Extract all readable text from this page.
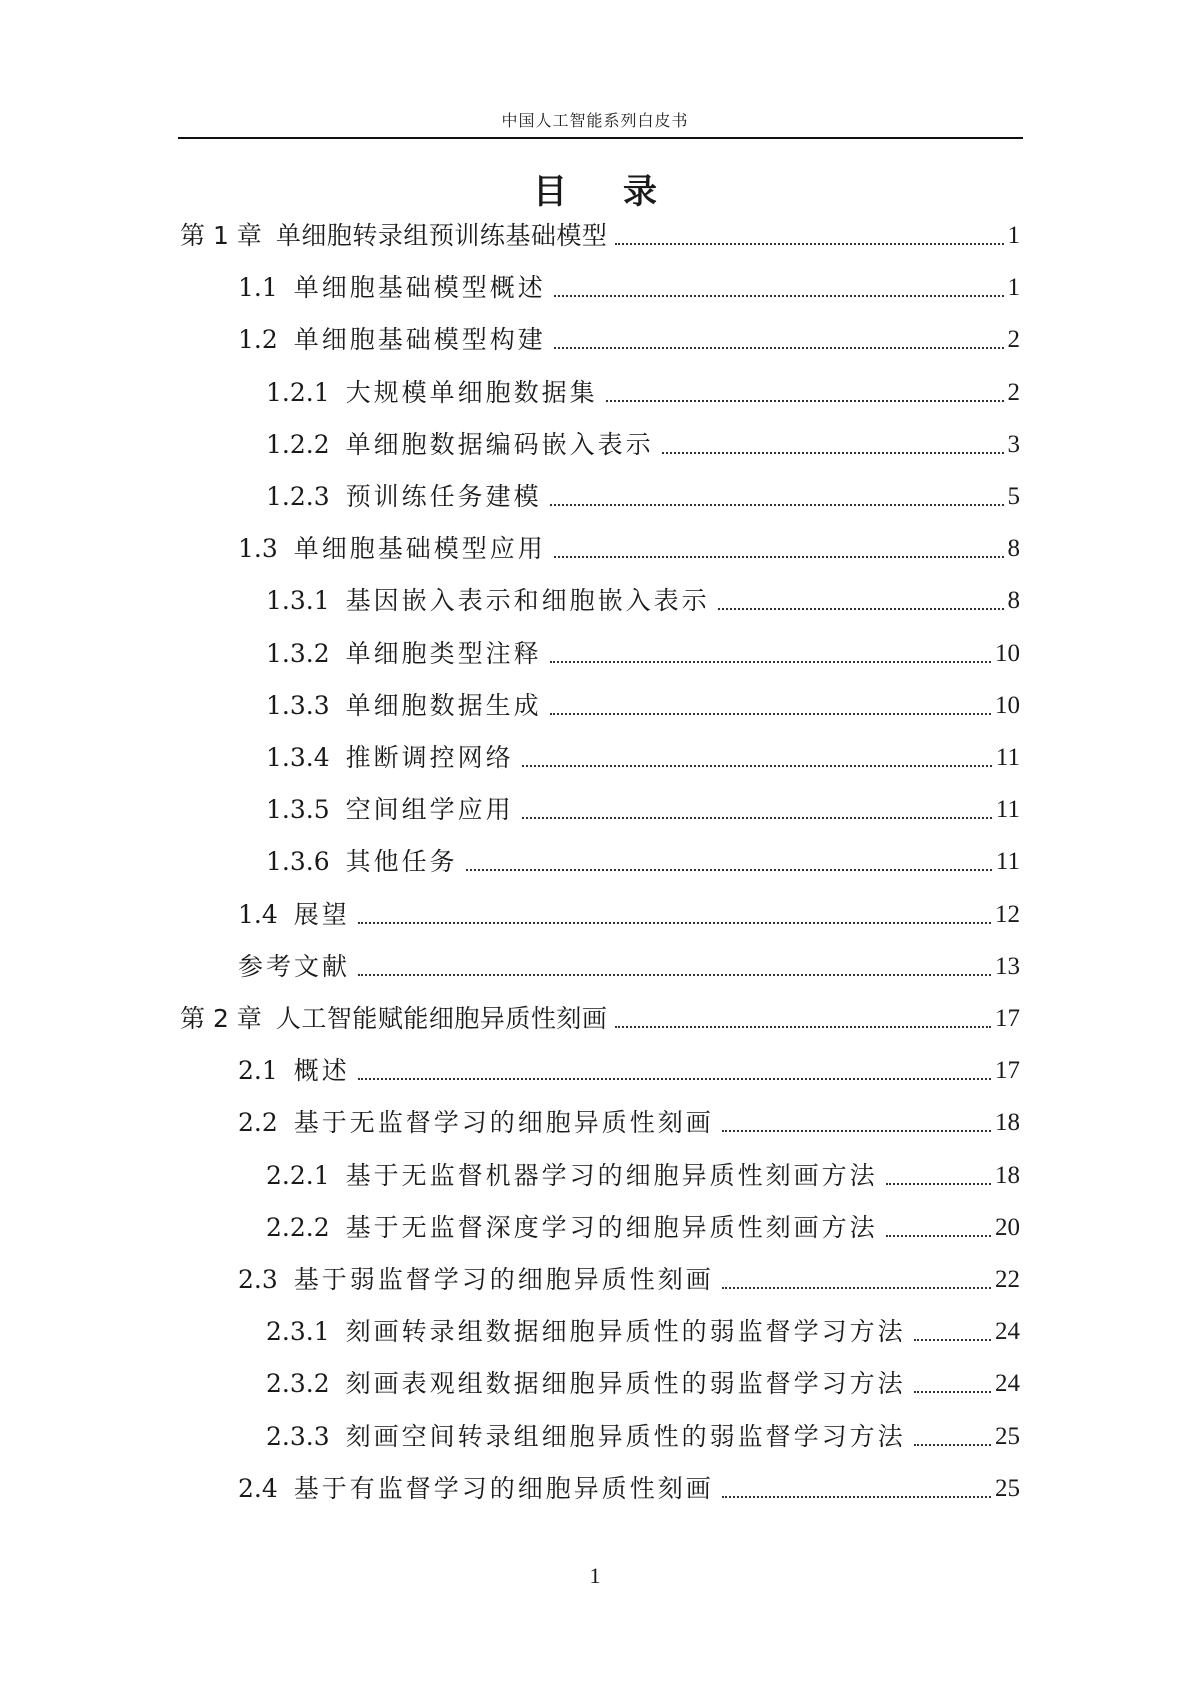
中国人工智能系列白皮书
目 录
第 1 章 单细胞转录组预训练基础模型	1
1.1 单细胞基础模型概述	1
1.2 单细胞基础模型构建	2
1.2.1 大规模单细胞数据集	2
1.2.2 单细胞数据编码嵌入表示	3
1.2.3 预训练任务建模	5
1.3 单细胞基础模型应用	8
1.3.1 基因嵌入表示和细胞嵌入表示	8
1.3.2 单细胞类型注释	10
1.3.3 单细胞数据生成	10
1.3.4 推断调控网络	11
1.3.5 空间组学应用	11
1.3.6 其他任务	11
1.4 展望	12
参考文献	13
第 2 章 人工智能赋能细胞异质性刻画	17
2.1 概述	17
2.2 基于无监督学习的细胞异质性刻画	18
2.2.1 基于无监督机器学习的细胞异质性刻画方法	18
2.2.2 基于无监督深度学习的细胞异质性刻画方法	20
2.3 基于弱监督学习的细胞异质性刻画	22
2.3.1 刻画转录组数据细胞异质性的弱监督学习方法	24
2.3.2 刻画表观组数据细胞异质性的弱监督学习方法	24
2.3.3 刻画空间转录组细胞异质性的弱监督学习方法	25
2.4 基于有监督学习的细胞异质性刻画	25
1
